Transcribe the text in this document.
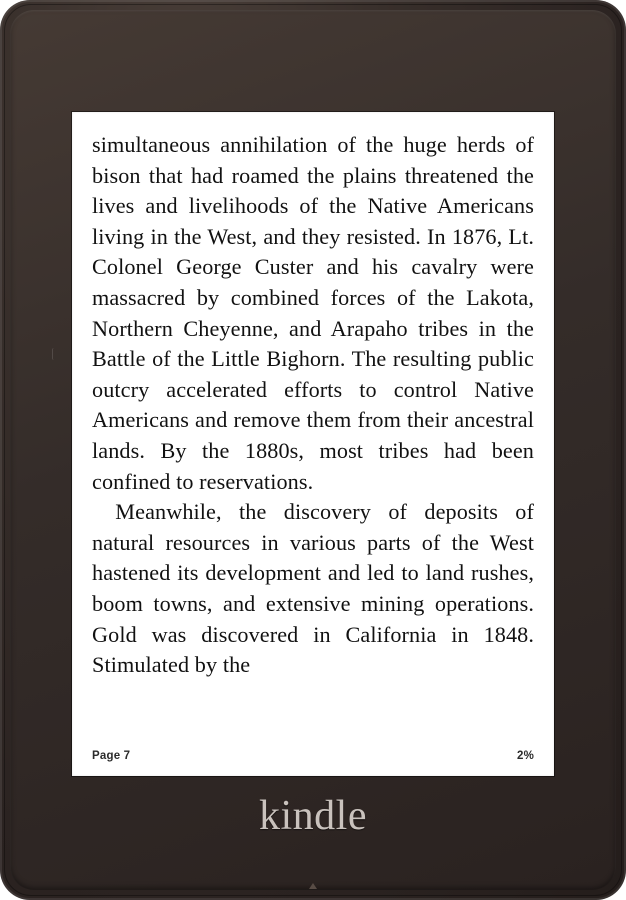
simultaneous annihilation of the huge herds of bison that had roamed the plains threatened the lives and livelihoods of the Native Americans living in the West, and they resisted. In 1876, Lt. Colonel George Custer and his cavalry were massacred by combined forces of the Lakota, Northern Cheyenne, and Arapaho tribes in the Battle of the Little Bighorn. The resulting public outcry accelerated efforts to control Native Americans and remove them from their ancestral lands. By the 1880s, most tribes had been confined to reservations.

Meanwhile, the discovery of deposits of natural resources in various parts of the West hastened its development and led to land rushes, boom towns, and extensive mining operations. Gold was discovered in California in 1848. Stimulated by the

Page 7	2%
kindle
